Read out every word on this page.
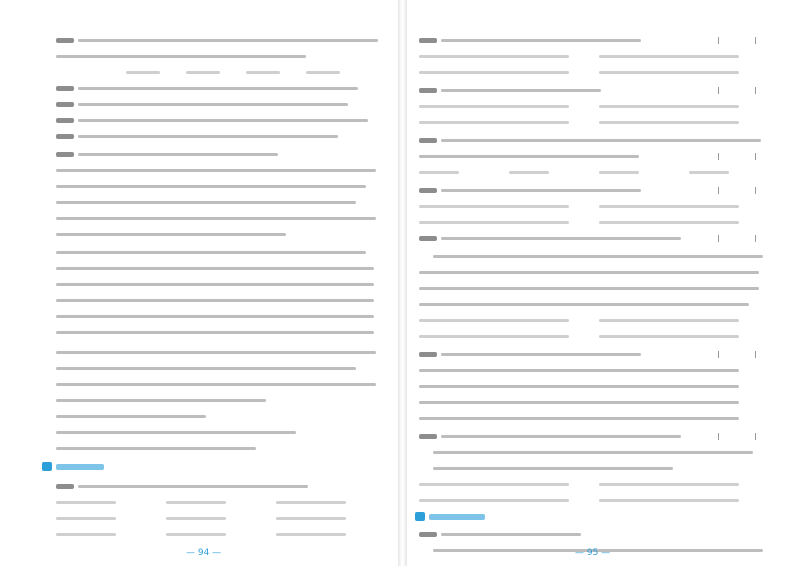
— 94 —	— 95 —
